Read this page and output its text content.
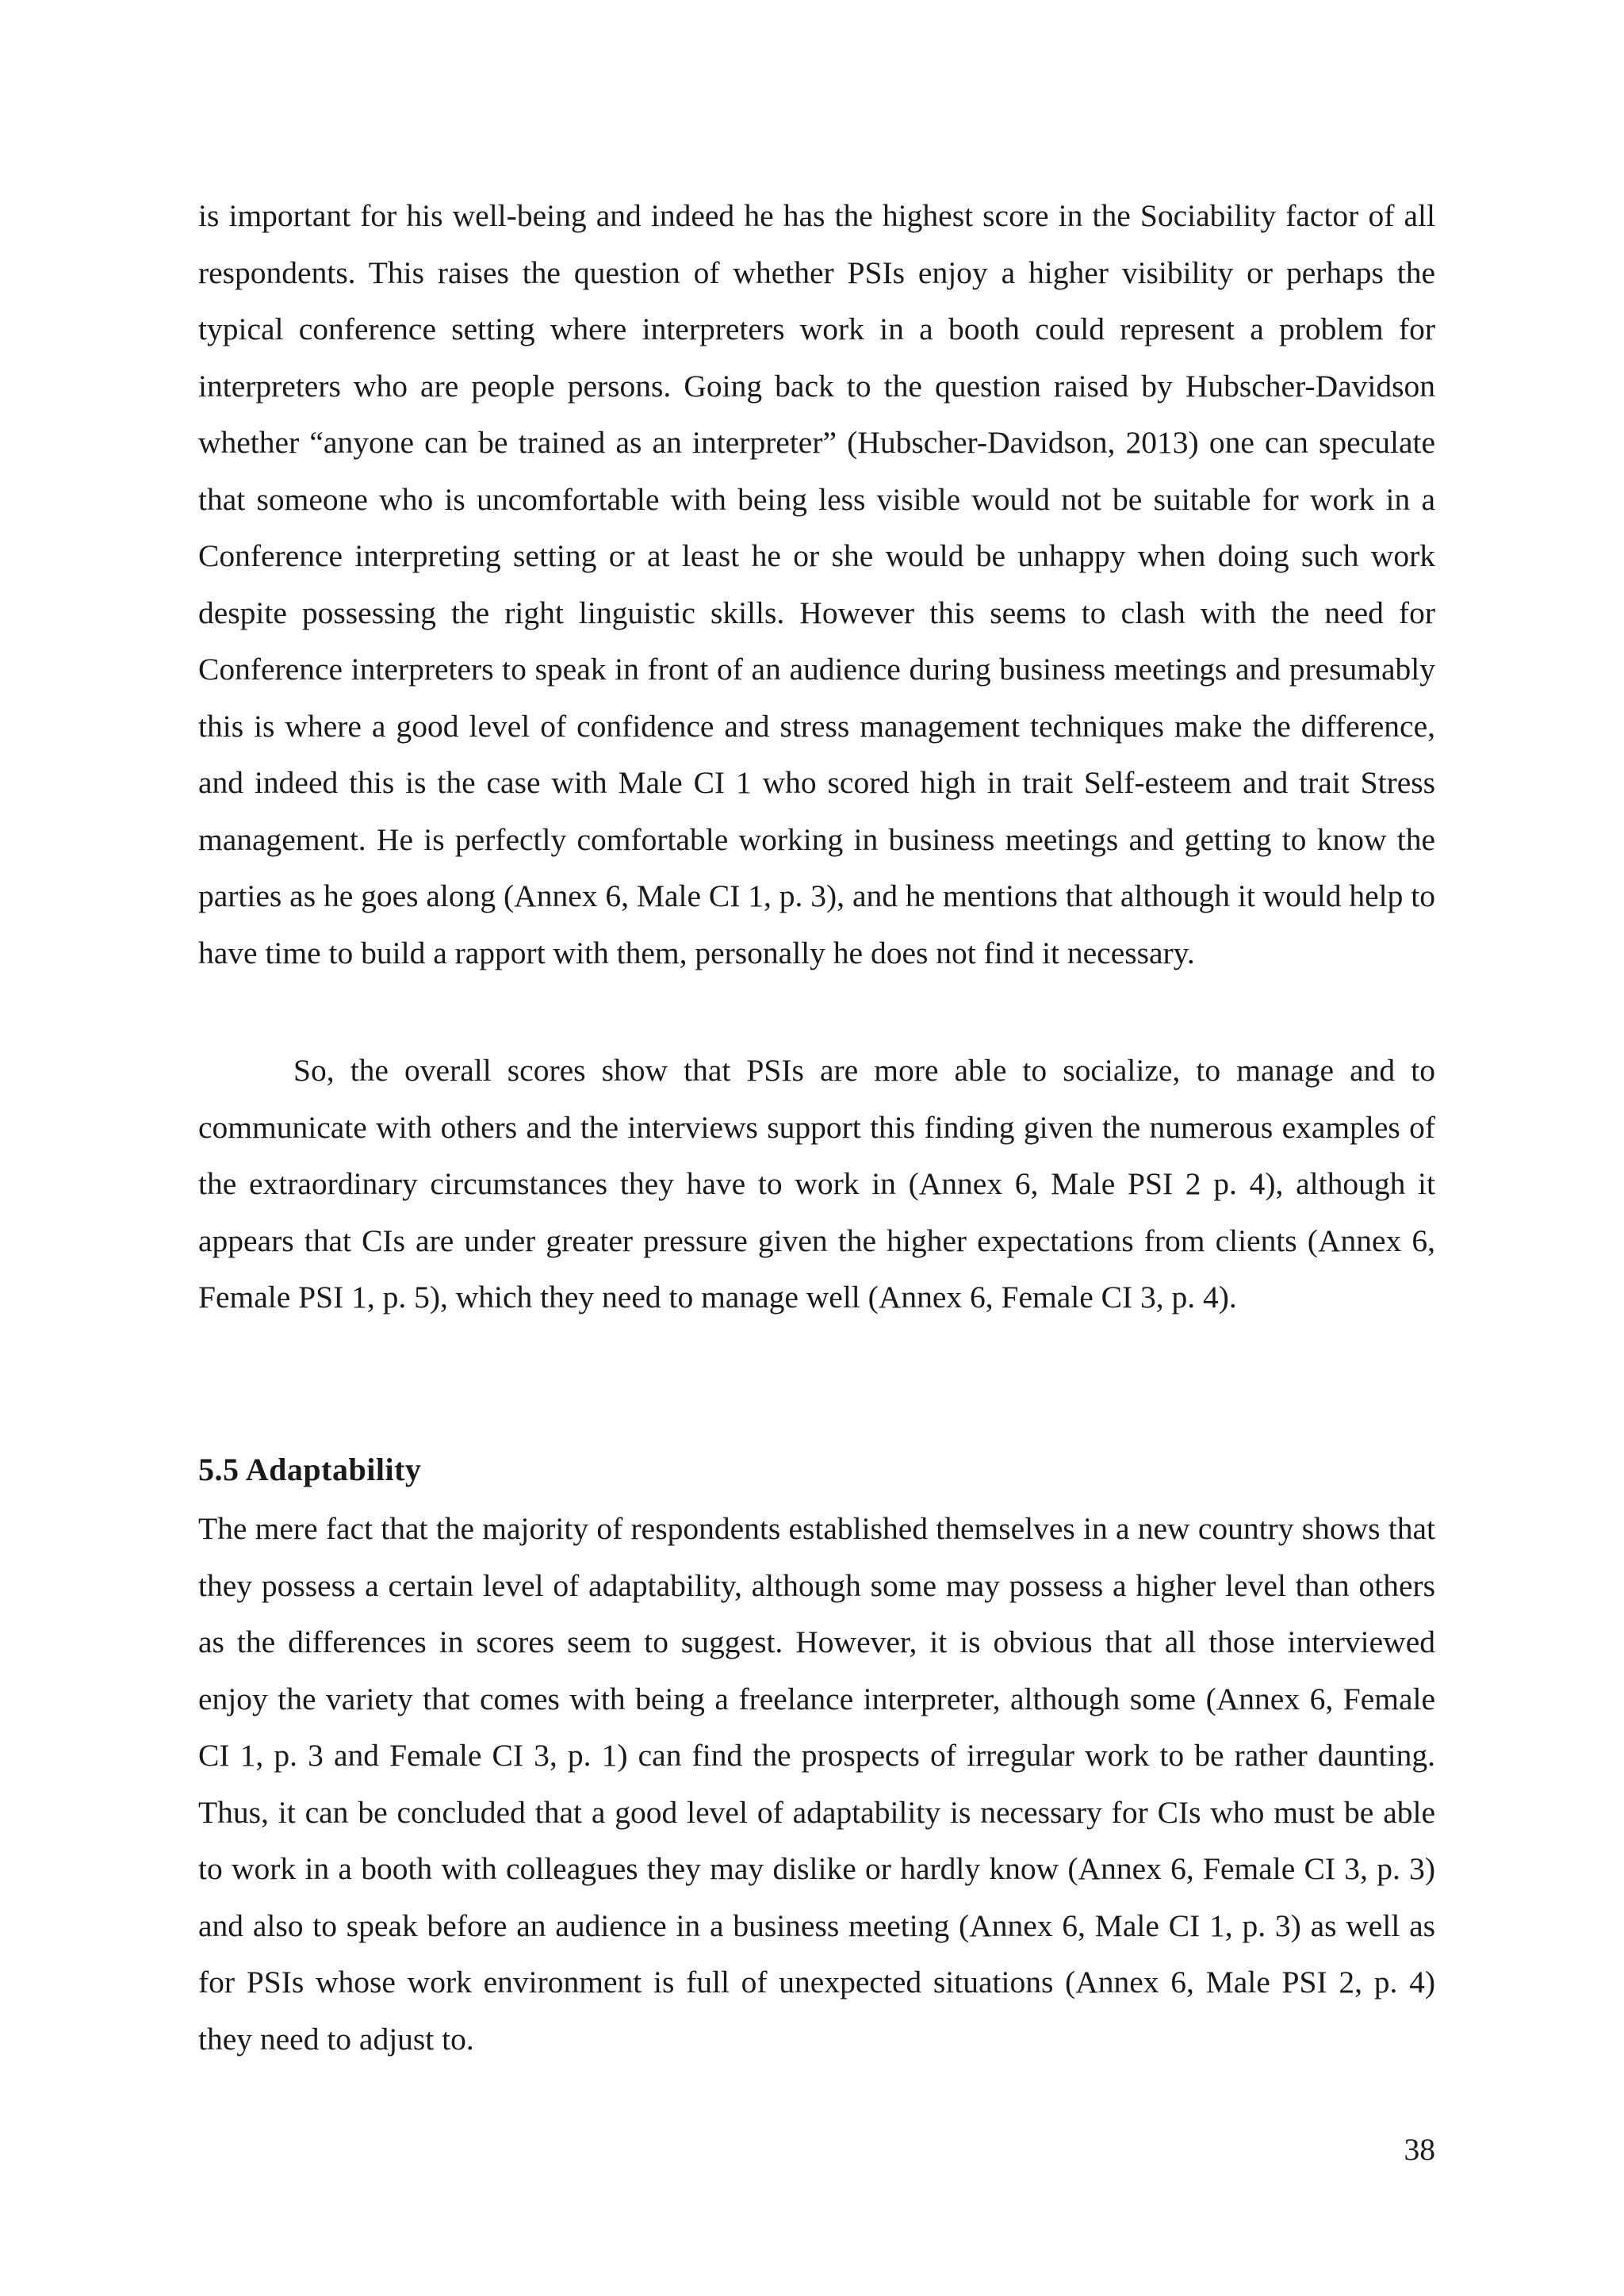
is important for his well-being and indeed he has the highest score in the Sociability factor of all respondents. This raises the question of whether PSIs enjoy a higher visibility or perhaps the typical conference setting where interpreters work in a booth could represent a problem for interpreters who are people persons. Going back to the question raised by Hubscher-Davidson whether “anyone can be trained as an interpreter” (Hubscher-Davidson, 2013) one can speculate that someone who is uncomfortable with being less visible would not be suitable for work in a Conference interpreting setting or at least he or she would be unhappy when doing such work despite possessing the right linguistic skills. However this seems to clash with the need for Conference interpreters to speak in front of an audience during business meetings and presumably this is where a good level of confidence and stress management techniques make the difference, and indeed this is the case with Male CI 1 who scored high in trait Self-esteem and trait Stress management. He is perfectly comfortable working in business meetings and getting to know the parties as he goes along (Annex 6, Male CI 1, p. 3), and he mentions that although it would help to have time to build a rapport with them, personally he does not find it necessary.

So, the overall scores show that PSIs are more able to socialize, to manage and to communicate with others and the interviews support this finding given the numerous examples of the extraordinary circumstances they have to work in (Annex 6, Male PSI 2 p. 4), although it appears that CIs are under greater pressure given the higher expectations from clients (Annex 6, Female PSI 1, p. 5), which they need to manage well (Annex 6, Female CI 3, p. 4).

5.5 Adaptability

The mere fact that the majority of respondents established themselves in a new country shows that they possess a certain level of adaptability, although some may possess a higher level than others as the differences in scores seem to suggest. However, it is obvious that all those interviewed enjoy the variety that comes with being a freelance interpreter, although some (Annex 6, Female CI 1, p. 3 and Female CI 3, p. 1) can find the prospects of irregular work to be rather daunting. Thus, it can be concluded that a good level of adaptability is necessary for CIs who must be able to work in a booth with colleagues they may dislike or hardly know (Annex 6, Female CI 3, p. 3) and also to speak before an audience in a business meeting (Annex 6, Male CI 1, p. 3) as well as for PSIs whose work environment is full of unexpected situations (Annex 6, Male PSI 2, p. 4) they need to adjust to.

38
